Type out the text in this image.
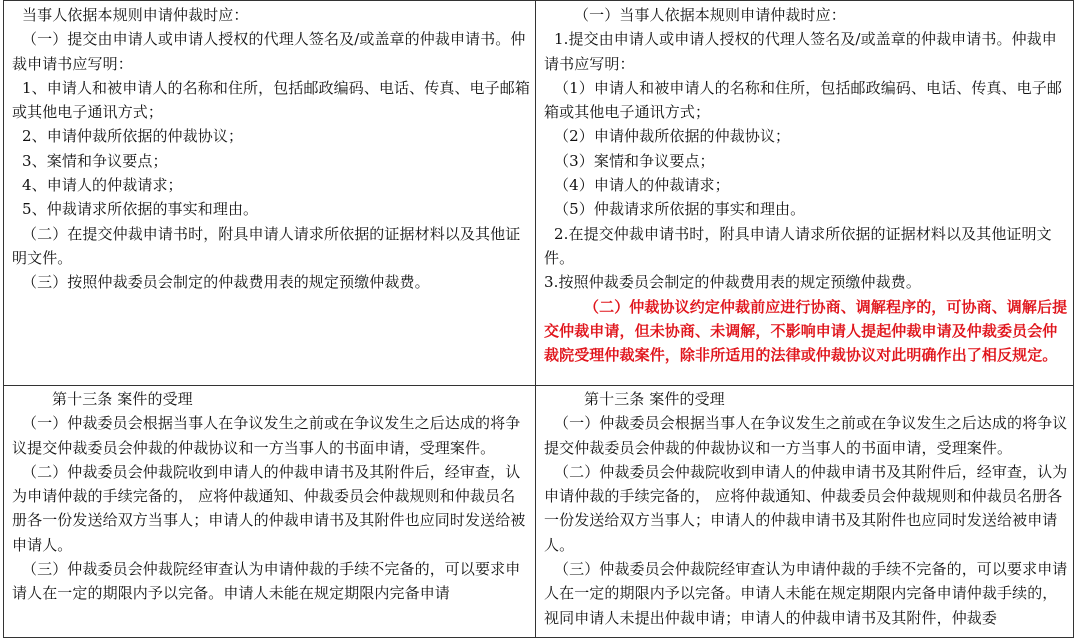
当事人依据本规则申请仲裁时应：

（一）提交由申请人或申请人授权的代理人签名及/或盖章的仲裁申请书。仲裁申请书应写明：

1、申请人和被申请人的名称和住所，包括邮政编码、电话、传真、电子邮箱或其他电子通讯方式；

2、申请仲裁所依据的仲裁协议；

3、案情和争议要点；

4、申请人的仲裁请求；

5、仲裁请求所依据的事实和理由。

（二）在提交仲裁申请书时，附具申请人请求所依据的证据材料以及其他证明文件。

（三）按照仲裁委员会制定的仲裁费用表的规定预缴仲裁费。

（一）当事人依据本规则申请仲裁时应：

1.提交由申请人或申请人授权的代理人签名及/或盖章的仲裁申请书。仲裁申请书应写明：

（1）申请人和被申请人的名称和住所，包括邮政编码、电话、传真、电子邮箱或其他电子通讯方式；

（2）申请仲裁所依据的仲裁协议；

（3）案情和争议要点；

（4）申请人的仲裁请求；

（5）仲裁请求所依据的事实和理由。

2.在提交仲裁申请书时，附具申请人请求所依据的证据材料以及其他证明文件。

3.按照仲裁委员会制定的仲裁费用表的规定预缴仲裁费。

（二）仲裁协议约定仲裁前应进行协商、调解程序的，可协商、调解后提交仲裁申请，但未协商、未调解，不影响申请人提起仲裁申请及仲裁委员会仲裁院受理仲裁案件，除非所适用的法律或仲裁协议对此明确作出了相反规定。

第十三条 案件的受理

（一）仲裁委员会根据当事人在争议发生之前或在争议发生之后达成的将争议提交仲裁委员会仲裁的仲裁协议和一方当事人的书面申请，受理案件。

（二）仲裁委员会仲裁院收到申请人的仲裁申请书及其附件后，经审查，认为申请仲裁的手续完备的， 应将仲裁通知、仲裁委员会仲裁规则和仲裁员名册各一份发送给双方当事人；申请人的仲裁申请书及其附件也应同时发送给被申请人。

（三）仲裁委员会仲裁院经审查认为申请仲裁的手续不完备的，可以要求申请人在一定的期限内予以完备。申请人未能在规定期限内完备申请

第十三条 案件的受理

（一）仲裁委员会根据当事人在争议发生之前或在争议发生之后达成的将争议提交仲裁委员会仲裁的仲裁协议和一方当事人的书面申请，受理案件。

（二）仲裁委员会仲裁院收到申请人的仲裁申请书及其附件后，经审查，认为申请仲裁的手续完备的， 应将仲裁通知、仲裁委员会仲裁规则和仲裁员名册各一份发送给双方当事人；申请人的仲裁申请书及其附件也应同时发送给被申请人。

（三）仲裁委员会仲裁院经审查认为申请仲裁的手续不完备的，可以要求申请人在一定的期限内予以完备。申请人未能在规定期限内完备申请仲裁手续的，视同申请人未提出仲裁申请；申请人的仲裁申请书及其附件，仲裁委
